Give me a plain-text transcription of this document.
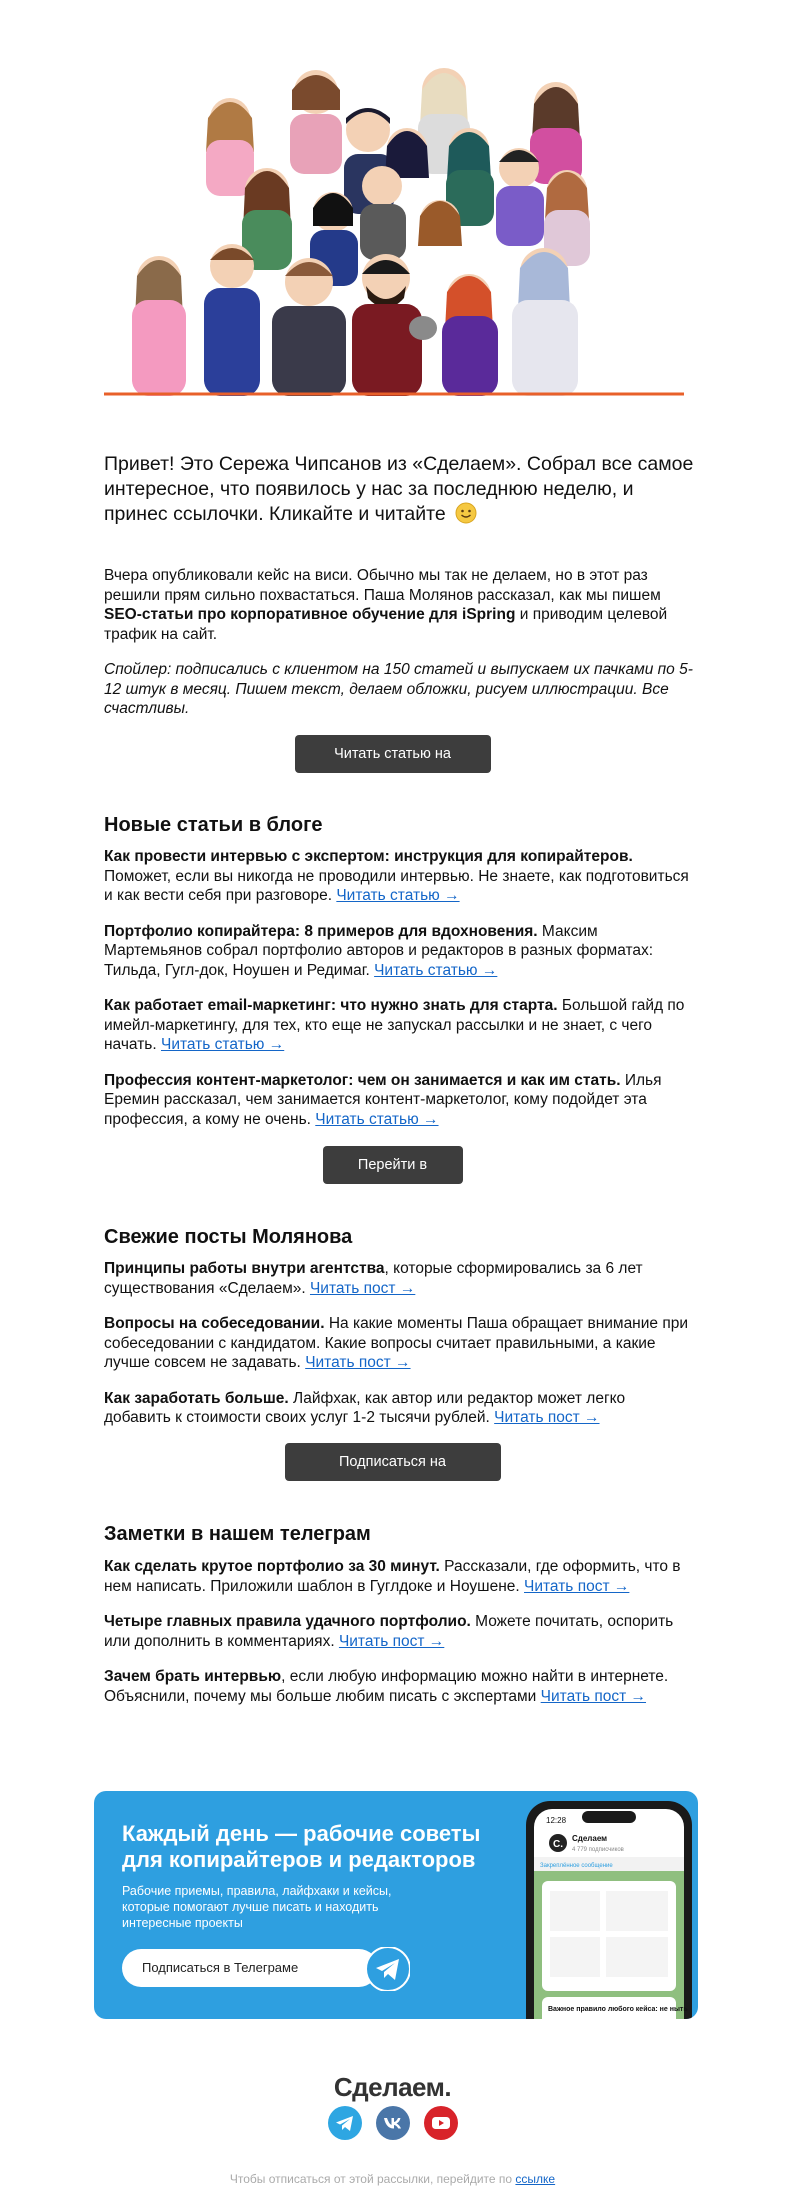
Привет! Это Сережа Чипсанов из «Сделаем». Собрал все самое интересное, что появилось у нас за последнюю неделю, и принес ссылочки. Кликайте и читайте
Вчера опубликовали кейс на виси. Обычно мы так не делаем, но в этот раз решили прям сильно похвастаться. Паша Молянов рассказал, как мы пишем SEO-статьи про корпоративное обучение для iSpring и приводим целевой трафик на сайт.
Спойлер: подписались с клиентом на 150 статей и выпускаем их пачками по 5-12 штук в месяц. Пишем текст, делаем обложки, рисуем иллюстрации. Все счастливы.
Читать статью на VC.ru
Новые статьи в блоге
Как провести интервью с экспертом: инструкция для копирайтеров. Поможет, если вы никогда не проводили интервью. Не знаете, как подготовиться и как вести себя при разговоре. Читать статью →
Портфолио копирайтера: 8 примеров для вдохновения. Максим Мартемьянов собрал портфолио авторов и редакторов в разных форматах: Тильда, Гугл-док, Ноушен и Редимаг. Читать статью →
Как работает email-маркетинг: что нужно знать для старта. Большой гайд по имейл-маркетингу, для тех, кто еще не запускал рассылки и не знает, с чего начать. Читать статью →
Профессия контент-маркетолог: чем он занимается и как им стать. Илья Еремин рассказал, чем занимается контент-маркетолог, кому подойдет эта профессия, а кому не очень. Читать статью →
Перейти в блог
Свежие посты Молянова
Принципы работы внутри агентства, которые сформировались за 6 лет существования «Сделаем». Читать пост →
Вопросы на собеседовании. На какие моменты Паша обращает внимание при собеседовании с кандидатом. Какие вопросы считает правильными, а какие лучше совсем не задавать. Читать пост →
Как заработать больше. Лайфхак, как автор или редактор может легко добавить к стоимости своих услуг 1-2 тысячи рублей. Читать пост →
Подписаться на Молянова
Заметки в нашем телеграм
Как сделать крутое портфолио за 30 минут. Рассказали, где оформить, что в нем написать. Приложили шаблон в Гуглдоке и Ноушене. Читать пост →
Четыре главных правила удачного портфолио. Можете почитать, оспорить или дополнить в комментариях. Читать пост →
Зачем брать интервью, если любую информацию можно найти в интернете. Объяснили, почему мы больше любим писать с экспертами Читать пост →
Каждый день — рабочие советы для копирайтеров и редакторов
Рабочие приемы, правила, лайфхаки и кейсы, которые помогают лучше писать и находить интересные проекты
Подписаться в Телеграме
12:28
С.
Сделаем
4 779 подписчиков
Закреплённое сообщение
Важное правило любого кейса: не ныть
По поводу кейсов часто говорят
Сделаем.
Чтобы отписаться от этой рассылки, перейдите по ссылке
